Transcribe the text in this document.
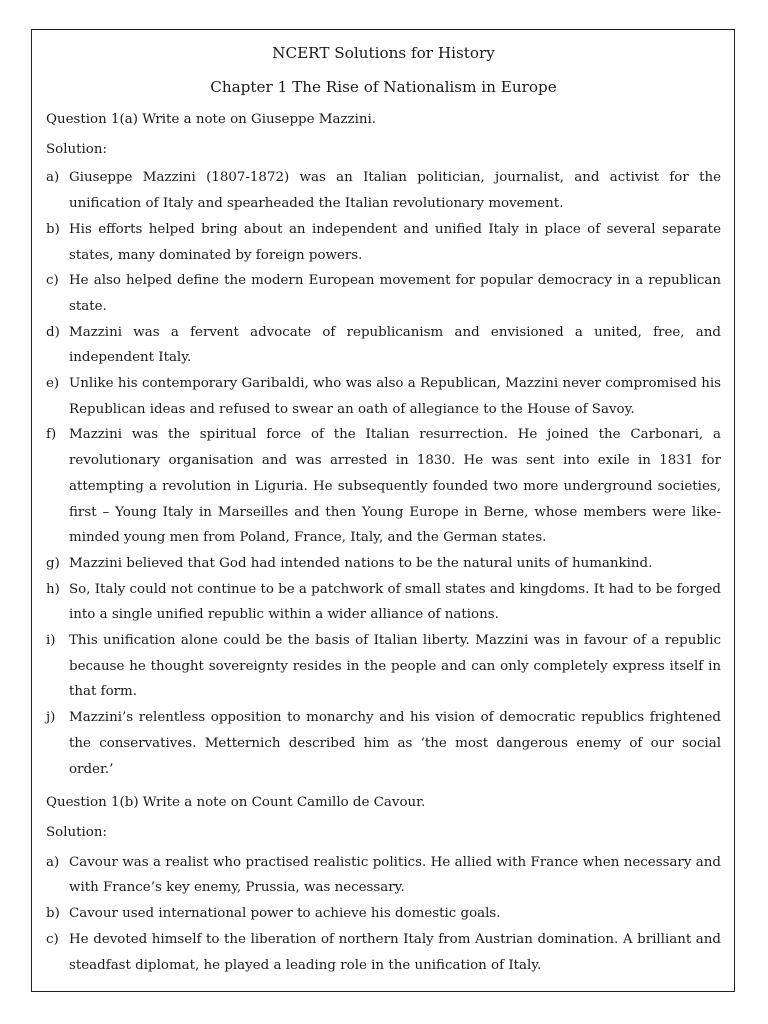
NCERT Solutions for History

Chapter 1 The Rise of Nationalism in Europe

Question 1(a) Write a note on Giuseppe Mazzini.

Solution:

a) Giuseppe Mazzini (1807-1872) was an Italian politician, journalist, and activist for the unification of Italy and spearheaded the Italian revolutionary movement.
b) His efforts helped bring about an independent and unified Italy in place of several separate states, many dominated by foreign powers.
c) He also helped define the modern European movement for popular democracy in a republican state.
d) Mazzini was a fervent advocate of republicanism and envisioned a united, free, and independent Italy.
e) Unlike his contemporary Garibaldi, who was also a Republican, Mazzini never compromised his Republican ideas and refused to swear an oath of allegiance to the House of Savoy.
f) Mazzini was the spiritual force of the Italian resurrection. He joined the Carbonari, a revolutionary organisation and was arrested in 1830. He was sent into exile in 1831 for attempting a revolution in Liguria. He subsequently founded two more underground societies, first – Young Italy in Marseilles and then Young Europe in Berne, whose members were like-minded young men from Poland, France, Italy, and the German states.
g) Mazzini believed that God had intended nations to be the natural units of humankind.
h) So, Italy could not continue to be a patchwork of small states and kingdoms. It had to be forged into a single unified republic within a wider alliance of nations.
i)	This unification alone could be the basis of Italian liberty. Mazzini was in favour of a republic because he thought sovereignty resides in the people and can only completely express itself in that form.
j)	Mazzini’s relentless opposition to monarchy and his vision of democratic republics frightened the conservatives. Metternich described him as ‘the most dangerous enemy of our social order.’

Question 1(b) Write a note on Count Camillo de Cavour.

Solution:

a) Cavour was a realist who practised realistic politics. He allied with France when necessary and with France’s key enemy, Prussia, was necessary.
b) Cavour used international power to achieve his domestic goals.
c) He devoted himself to the liberation of northern Italy from Austrian domination. A brilliant and steadfast diplomat, he played a leading role in the unification of Italy.
